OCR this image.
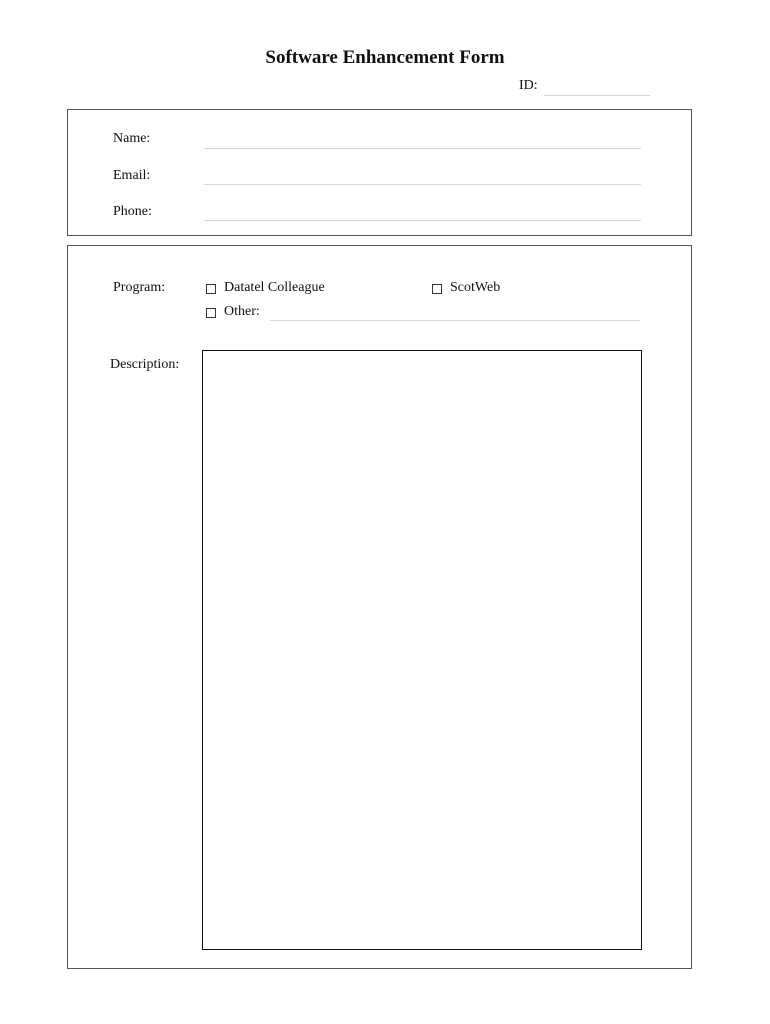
Software Enhancement Form
ID:
Name:
Email:
Phone:
Program:	Datatel Colleague	ScotWeb
Other:
Description:
